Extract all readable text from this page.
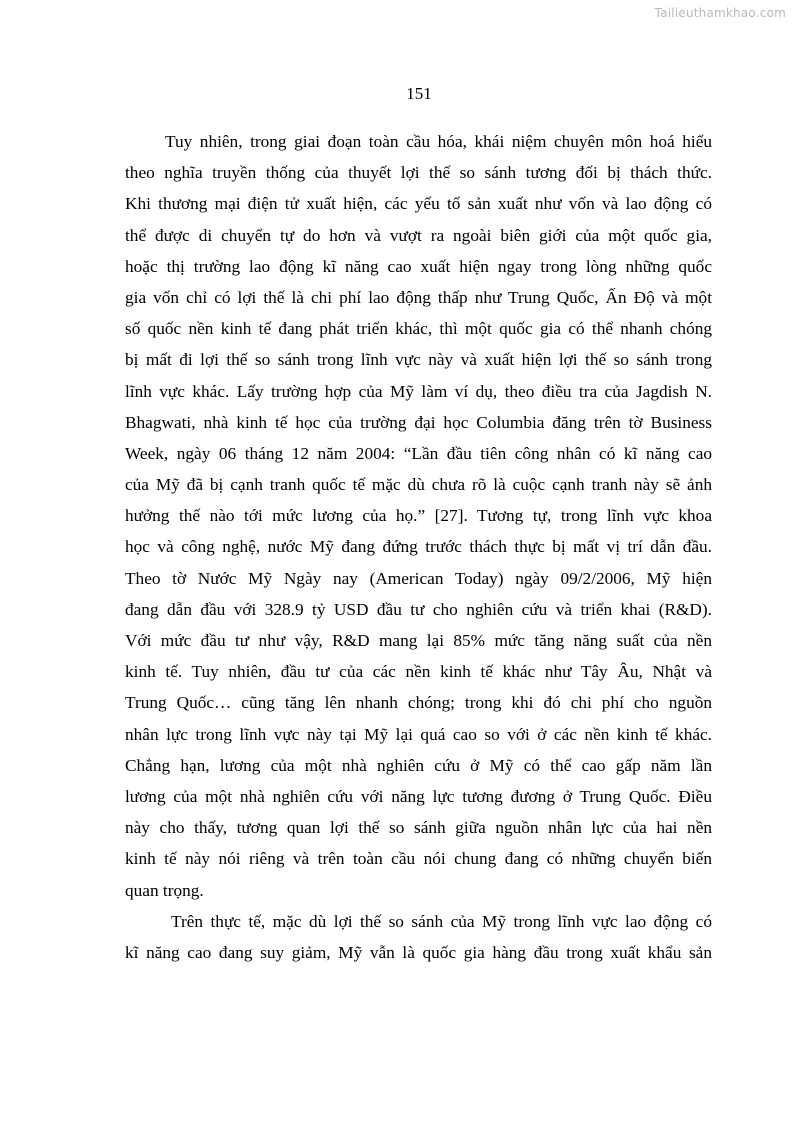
Tailieuthamkhao.com
151
Tuy nhiên, trong giai đoạn toàn cầu hóa, khái niệm chuyên môn hoá hiểu
theo nghĩa truyền thống của thuyết lợi thế so sánh tương đối bị thách thức.
Khi thương mại điện tử xuất hiện, các yếu tố sản xuất như vốn và lao động có
thể được di chuyển tự do hơn và vượt ra ngoài biên giới của một quốc gia,
hoặc thị trường lao động kĩ năng cao xuất hiện ngay trong lòng những quốc
gia vốn chỉ có lợi thế là chi phí lao động thấp như Trung Quốc, Ấn Độ và một
số quốc nền kinh tế đang phát triển khác, thì một quốc gia có thể nhanh chóng
bị mất đi lợi thế so sánh trong lĩnh vực này và xuất hiện lợi thế so sánh trong
lĩnh vực khác. Lấy trường hợp của Mỹ làm ví dụ, theo điều tra của Jagdish N.
Bhagwati, nhà kinh tế học của trường đại học Columbia đăng trên tờ Business
Week, ngày 06 tháng 12 năm 2004: “Lần đầu tiên công nhân có kĩ năng cao
của Mỹ đã bị cạnh tranh quốc tế mặc dù chưa rõ là cuộc cạnh tranh này sẽ ảnh
hưởng thế nào tới mức lương của họ.” [27]. Tương tự, trong lĩnh vực khoa
học và công nghệ, nước Mỹ đang đứng trước thách thực bị mất vị trí dẫn đầu.
Theo tờ Nước Mỹ Ngày nay (American Today) ngày 09/2/2006, Mỹ hiện
đang dẫn đầu với 328.9 tỷ USD đầu tư cho nghiên cứu và triển khai (R&D).
Với mức đầu tư như vậy, R&D mang lại 85% mức tăng năng suất của nền
kinh tế. Tuy nhiên, đầu tư của các nền kinh tế khác như Tây Âu, Nhật và
Trung Quốc… cũng tăng lên nhanh chóng; trong khi đó chi phí cho nguồn
nhân lực trong lĩnh vực này tại Mỹ lại quá cao so với ở các nền kinh tế khác.
Chẳng hạn, lương của một nhà nghiên cứu ở Mỹ có thể cao gấp năm lần
lương của một nhà nghiên cứu với năng lực tương đương ở Trung Quốc. Điều
này cho thấy, tương quan lợi thế so sánh giữa nguồn nhân lực của hai nền
kinh tế này nói riêng và trên toàn cầu nói chung đang có những chuyển biến
quan trọng.
Trên thực tế, mặc dù lợi thế so sánh của Mỹ trong lĩnh vực lao động có
kĩ năng cao đang suy giảm, Mỹ vẫn là quốc gia hàng đầu trong xuất khẩu sản
